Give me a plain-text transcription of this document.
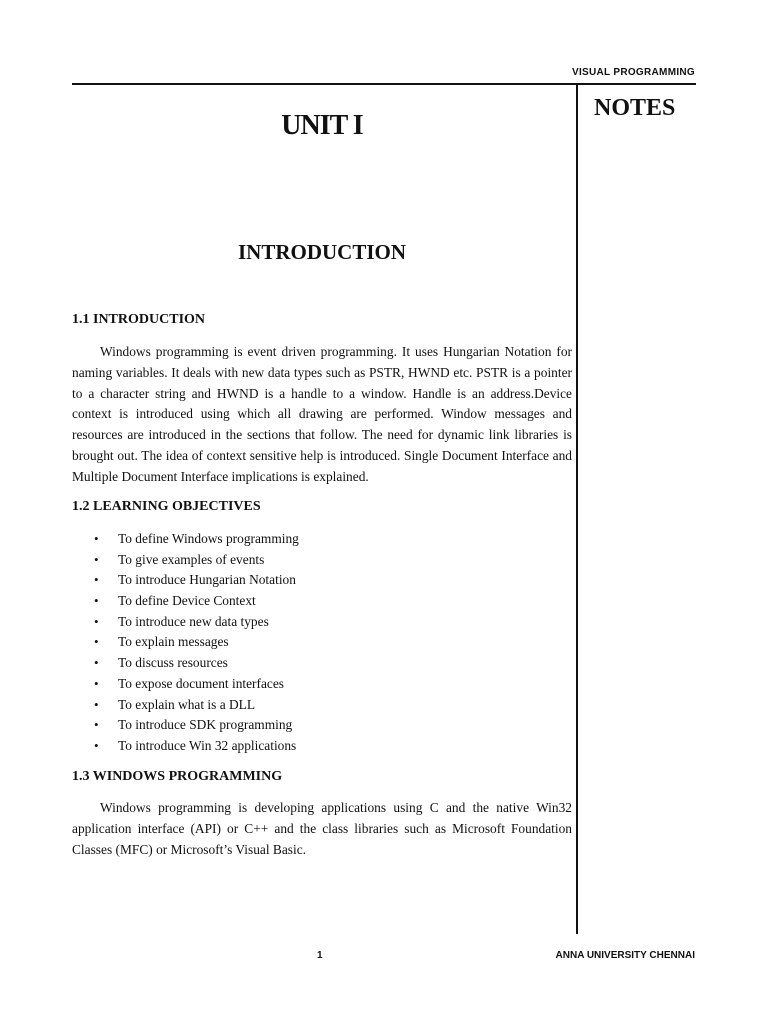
VISUAL PROGRAMMING
NOTES
UNIT I
INTRODUCTION
1.1 INTRODUCTION

Windows programming is event driven programming. It uses Hungarian Notation for naming variables. It deals with new data types such as PSTR, HWND etc. PSTR is a pointer to a character string and HWND is a handle to a window. Handle is an address.Device context is introduced using which all drawing are performed. Window messages and resources are introduced in the sections that follow. The need for dynamic link libraries is brought out. The idea of context sensitive help is introduced. Single Document Interface and Multiple Document Interface implications is explained.

1.2 LEARNING OBJECTIVES
• To define Windows programming
• To give examples of events
• To introduce Hungarian Notation
• To define Device Context
• To introduce new data types
• To explain messages
• To discuss resources
• To expose document interfaces
• To explain what is a DLL
• To introduce SDK programming
• To introduce Win 32 applications
1.3 WINDOWS PROGRAMMING

Windows programming is developing applications using C and the native Win32 application interface (API) or C++ and the class libraries such as Microsoft Foundation Classes (MFC) or Microsoft’s Visual Basic.

1	ANNA UNIVERSITY CHENNAI
